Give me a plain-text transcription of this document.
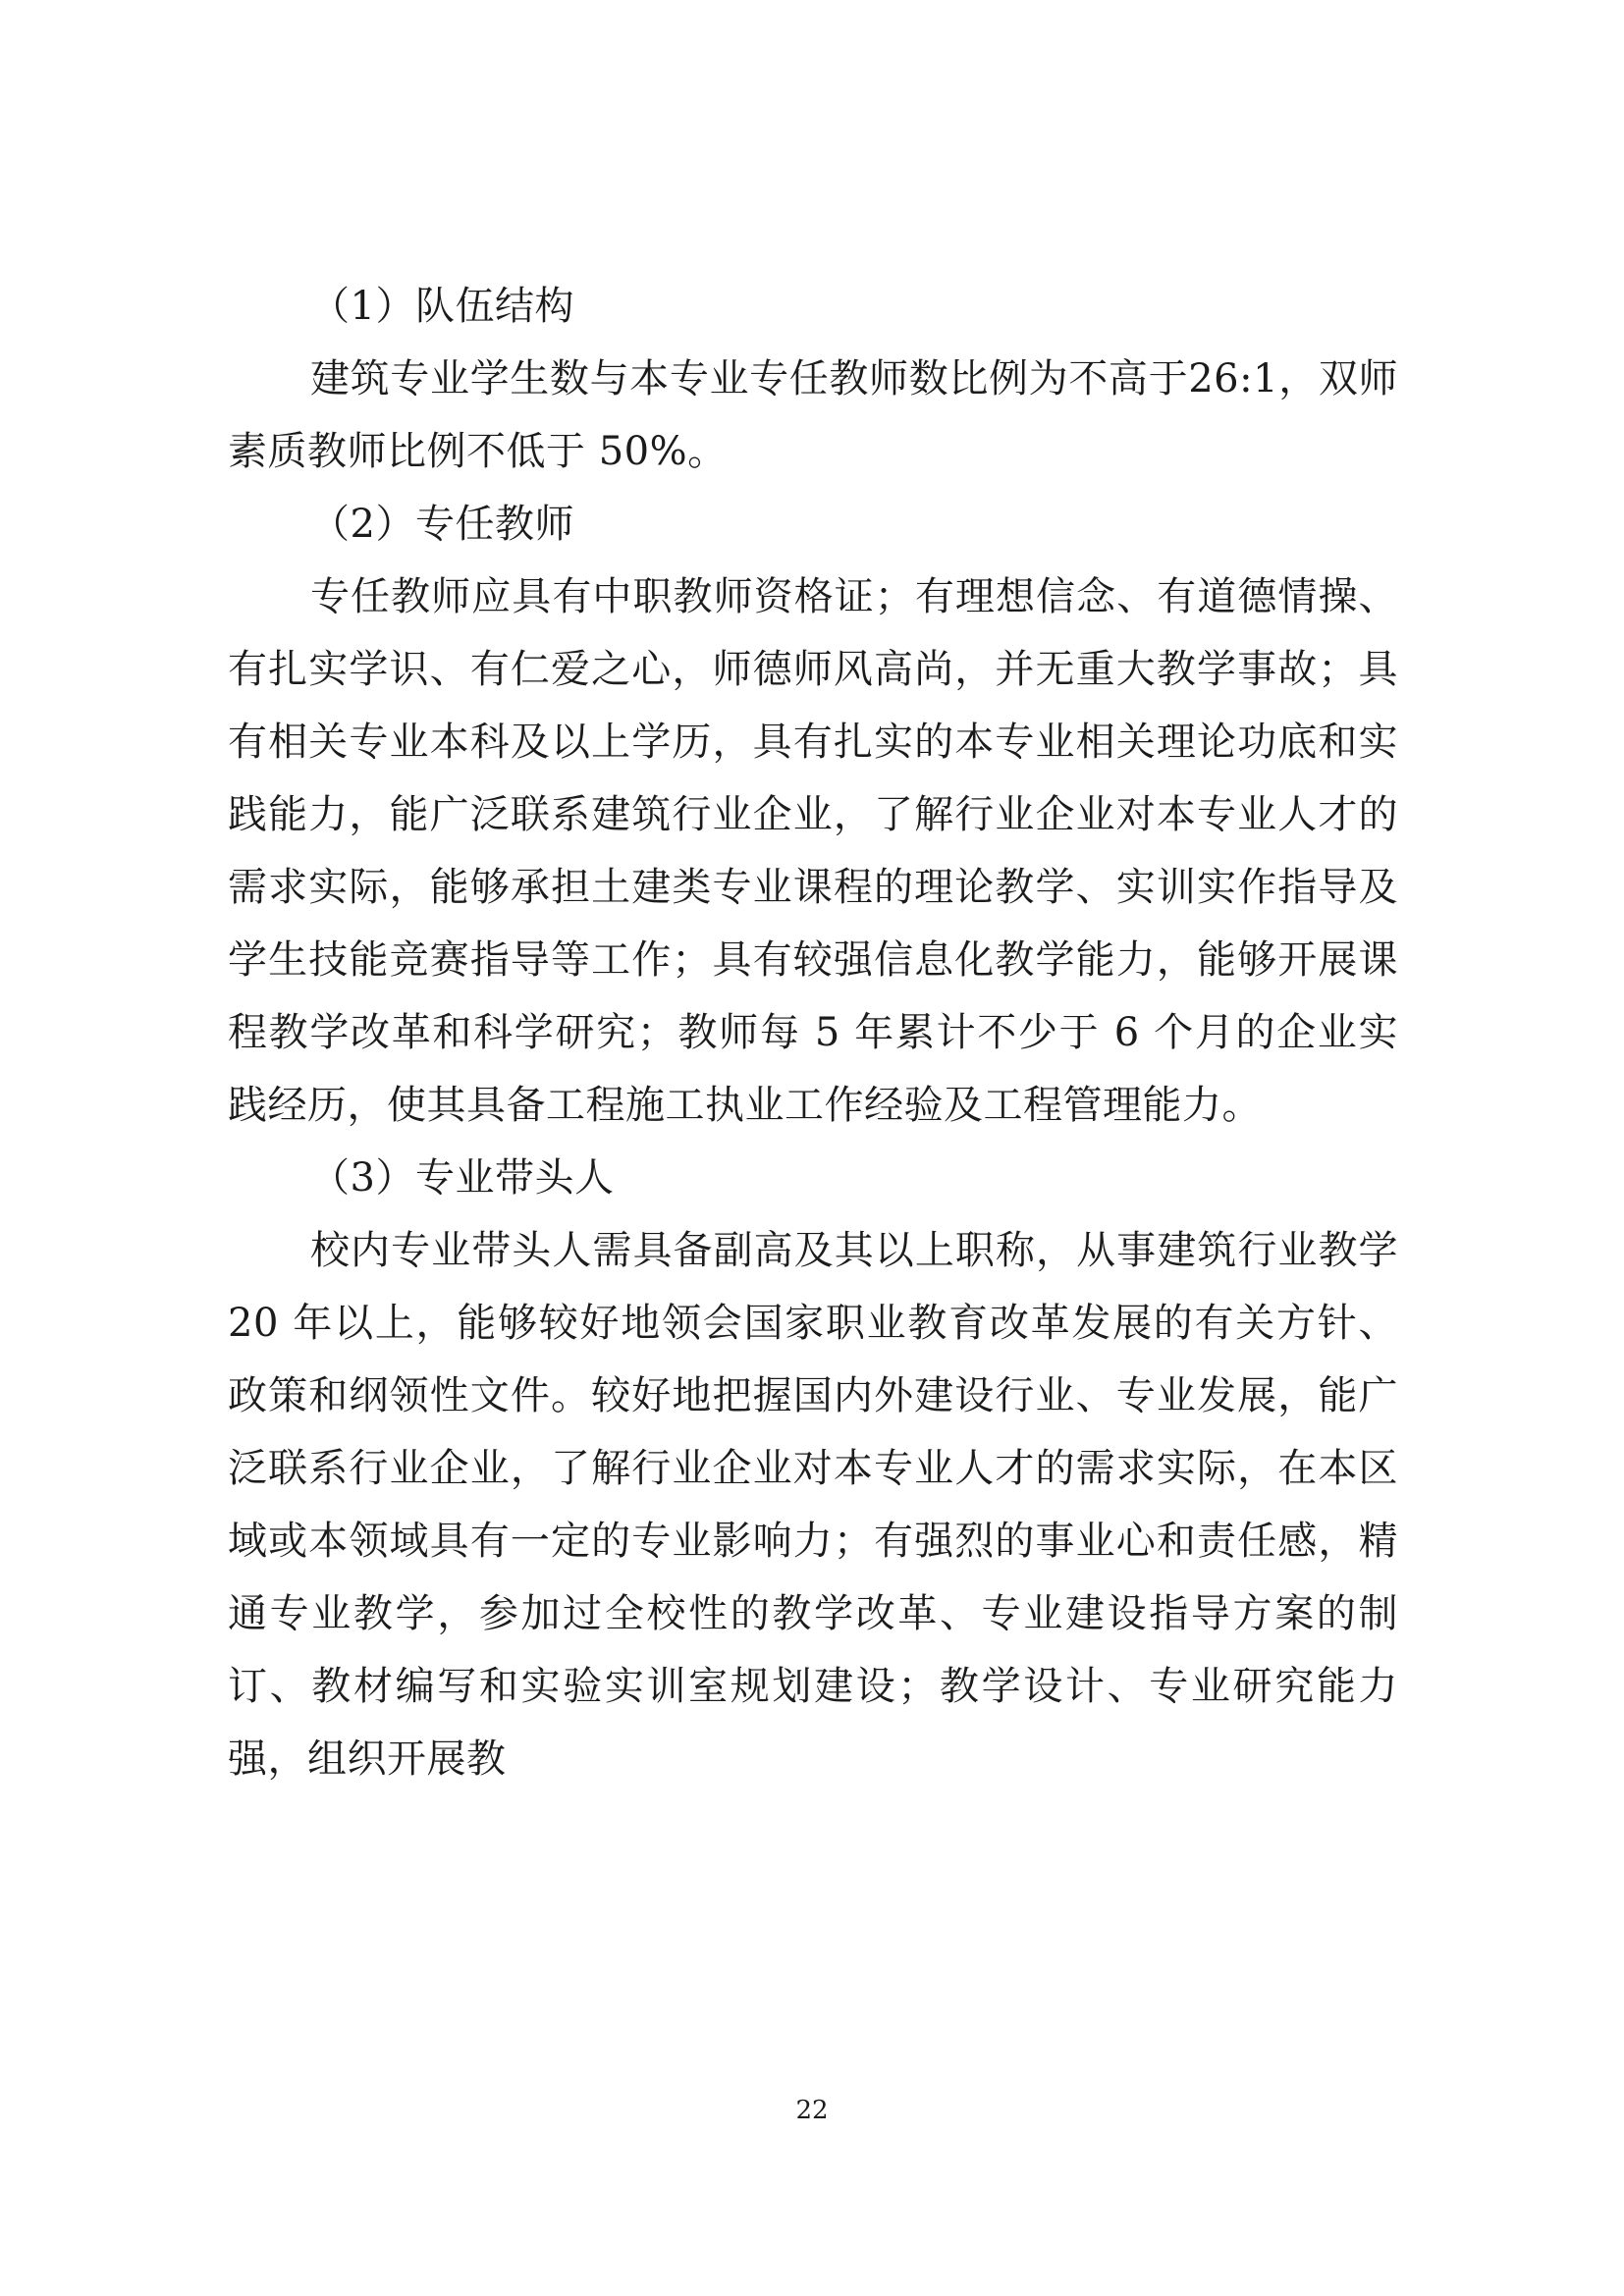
（1）队伍结构

建筑专业学生数与本专业专任教师数比例为不高于26:1，双师素质教师比例不低于 50%。

（2）专任教师

专任教师应具有中职教师资格证；有理想信念、有道德情操、有扎实学识、有仁爱之心，师德师风高尚，并无重大教学事故；具有相关专业本科及以上学历，具有扎实的本专业相关理论功底和实践能力，能广泛联系建筑行业企业，了解行业企业对本专业人才的需求实际，能够承担土建类专业课程的理论教学、实训实作指导及学生技能竞赛指导等工作；具有较强信息化教学能力，能够开展课程教学改革和科学研究；教师每 5 年累计不少于 6 个月的企业实践经历，使其具备工程施工执业工作经验及工程管理能力。

（3）专业带头人

校内专业带头人需具备副高及其以上职称，从事建筑行业教学 20 年以上，能够较好地领会国家职业教育改革发展的有关方针、政策和纲领性文件。较好地把握国内外建设行业、专业发展，能广泛联系行业企业，了解行业企业对本专业人才的需求实际，在本区域或本领域具有一定的专业影响力；有强烈的事业心和责任感，精通专业教学，参加过全校性的教学改革、专业建设指导方案的制订、教材编写和实验实训室规划建设；教学设计、专业研究能力强，组织开展教

22
